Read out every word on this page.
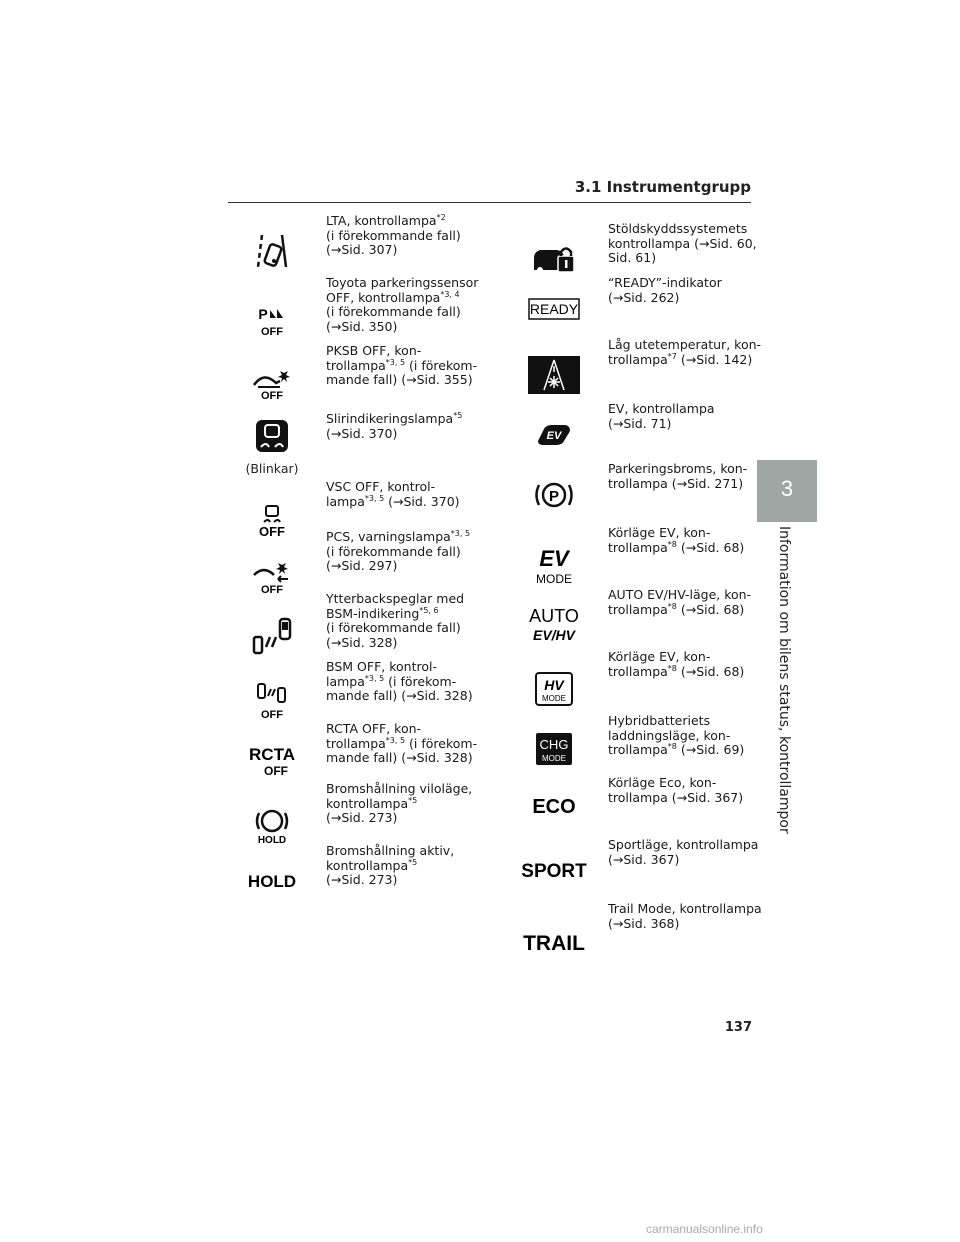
3.1 Instrumentgrupp
3
Information om bilens status, kontrollampor
LTA, kontrollampa$^{*2}$
(i förekommande fall)
(→Sid. 307)
P
OFF
Toyota parkeringssensor
OFF, kontrollampa$^{*3, 4}$
(i förekommande fall)
(→Sid. 350)
OFF
PKSB OFF, kon-
trollampa$^{*3, 5}$ (i förekom-
mande fall) (→Sid. 355)
(Blinkar)
Slirindikeringslampa$^{*5}$
(→Sid. 370)
OFF
VSC OFF, kontrol-
lampa$^{*3, 5}$ (→Sid. 370)
OFF
PCS, varningslampa$^{*3, 5}$
(i förekommande fall)
(→Sid. 297)
Ytterbackspeglar med
BSM-indikering$^{*5, 6}$
(i förekommande fall)
(→Sid. 328)
OFF
BSM OFF, kontrol-
lampa$^{*3, 5}$ (i förekom-
mande fall) (→Sid. 328)
RCTA
OFF
RCTA OFF, kon-
trollampa$^{*3, 5}$ (i förekom-
mande fall) (→Sid. 328)
HOLD
Bromshållning viloläge,
kontrollampa$^{*5}$
(→Sid. 273)
HOLD
Bromshållning aktiv,
kontrollampa$^{*5}$
(→Sid. 273)
Stöldskyddssystemets
kontrollampa (→Sid. 60,
Sid. 61)
READY
“READY”-indikator
(→Sid. 262)
Låg utetemperatur, kon-
trollampa$^{*7}$ (→Sid. 142)
EV
EV, kontrollampa
(→Sid. 71)
P
Parkeringsbroms, kon-
trollampa (→Sid. 271)
EV
MODE
Körläge EV, kon-
trollampa$^{*8}$ (→Sid. 68)
AUTO
EV/HV
AUTO EV/HV-läge, kon-
trollampa$^{*8}$ (→Sid. 68)
HV
MODE
Körläge EV, kon-
trollampa$^{*8}$ (→Sid. 68)
CHG
MODE
Hybridbatteriets
laddningsläge, kon-
trollampa$^{*8}$ (→Sid. 69)
ECO
Körläge Eco, kon-
trollampa (→Sid. 367)
SPORT
Sportläge, kontrollampa
(→Sid. 367)
TRAIL
Trail Mode, kontrollampa
(→Sid. 368)
137
carmanualsonline.info
